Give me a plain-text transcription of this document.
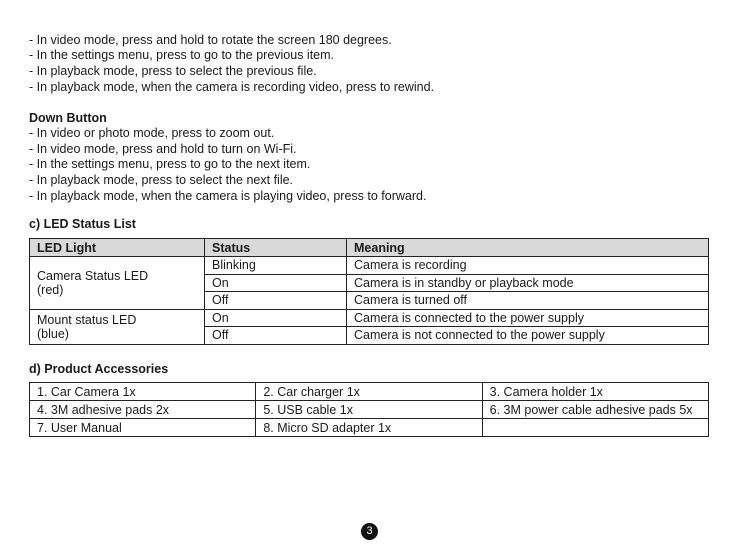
- In video mode, press and hold to rotate the screen 180 degrees.
- In the settings menu, press to go to the previous item.
- In playback mode, press to select the previous file.
- In playback mode, when the camera is recording video, press to rewind.
Down Button
- In video or photo mode, press to zoom out.
- In video mode, press and hold to turn on Wi-Fi.
- In the settings menu, press to go to the next item.
- In playback mode, press to select the next file.
- In playback mode, when the camera is playing video, press to forward.
c) LED Status List
LED Light	Status	Meaning
Camera Status LED (red)	Blinking	Camera is recording
	On	Camera is in standby or playback mode
	Off	Camera is turned off
Mount status LED (blue)	On	Camera is connected to the power supply
	Off	Camera is not connected to the power supply
d) Product Accessories
1. Car Camera 1x	2. Car charger 1x	3. Camera holder 1x
4. 3M adhesive pads 2x	5. USB cable 1x	6. 3M power cable adhesive pads 5x
7. User Manual	8. Micro SD adapter 1x	
3
